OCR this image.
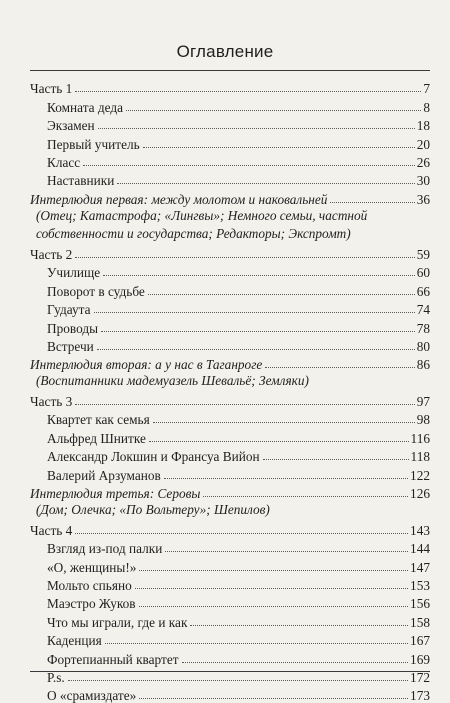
Оглавление
Часть 1	7
Комната деда	8
Экзамен	18
Первый учитель	20
Класс	26
Наставники	30
Интерлюдия первая: между молотом и наковальней	36
(Отец; Катастрофа; «Лингвы»; Немного семьи, частной собственности и государства; Редакторы; Экспромт)
Часть 2	59
Училище	60
Поворот в судьбе	66
Гудаута	74
Проводы	78
Встречи	80
Интерлюдия вторая: а у нас в Таганроге	86
(Воспитанники мадемуазель Шевальё; Земляки)
Часть 3	97
Квартет как семья	98
Альфред Шнитке	116
Александр Локшин и Франсуа Вийон	118
Валерий Арзуманов	122
Интерлюдия третья: Серовы	126
(Дом; Олечка; «По Вольтеру»; Шепилов)
Часть 4	143
Взгляд из-под палки	144
«О, женщины!»	147
Мольто спьяно	153
Маэстро Жуков	156
Что мы играли, где и как	158
Каденция	167
Фортепианный квартет	169
P.s.	172
О «срамиздате»	173
